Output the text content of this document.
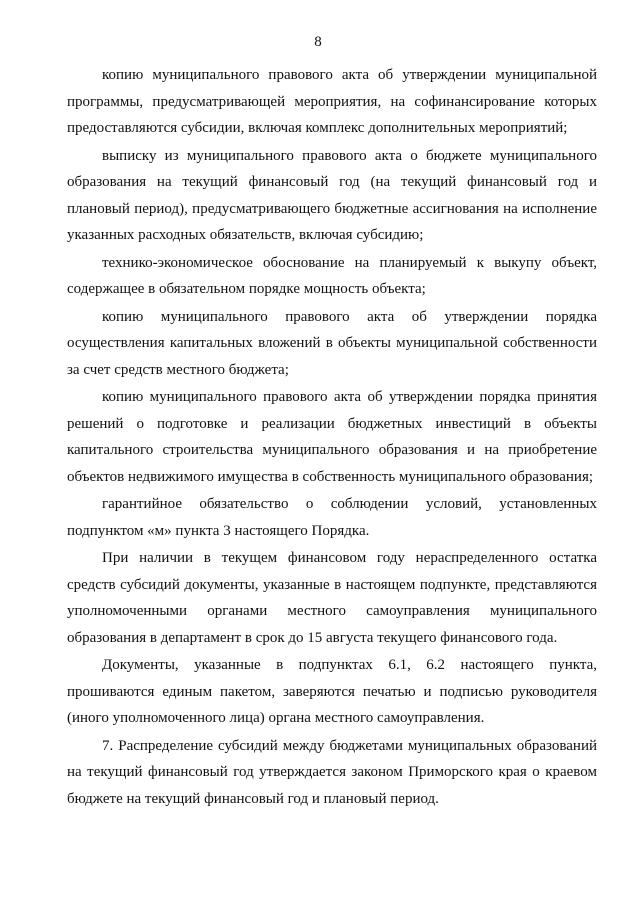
8

копию муниципального правового акта об утверждении муниципальной программы, предусматривающей мероприятия, на софинансирование которых предоставляются субсидии, включая комплекс дополнительных мероприятий;

выписку из муниципального правового акта о бюджете муниципального образования на текущий финансовый год (на текущий финансовый год и плановый период), предусматривающего бюджетные ассигнования на исполнение указанных расходных обязательств, включая субсидию;

технико-экономическое обоснование на планируемый к выкупу объект, содержащее в обязательном порядке мощность объекта;

копию муниципального правового акта об утверждении порядка осуществления капитальных вложений в объекты муниципальной собственности за счет средств местного бюджета;

копию муниципального правового акта об утверждении порядка принятия решений о подготовке и реализации бюджетных инвестиций в объекты капитального строительства муниципального образования и на приобретение объектов недвижимого имущества в собственность муниципального образования;

гарантийное обязательство о соблюдении условий, установленных подпунктом «м» пункта 3 настоящего Порядка.

При наличии в текущем финансовом году нераспределенного остатка средств субсидий документы, указанные в настоящем подпункте, представляются уполномоченными органами местного самоуправления муниципального образования в департамент в срок до 15 августа текущего финансового года.

Документы, указанные в подпунктах 6.1, 6.2 настоящего пункта, прошиваются единым пакетом, заверяются печатью и подписью руководителя (иного уполномоченного лица) органа местного самоуправления.

7. Распределение субсидий между бюджетами муниципальных образований на текущий финансовый год утверждается законом Приморского края о краевом бюджете на текущий финансовый год и плановый период.
